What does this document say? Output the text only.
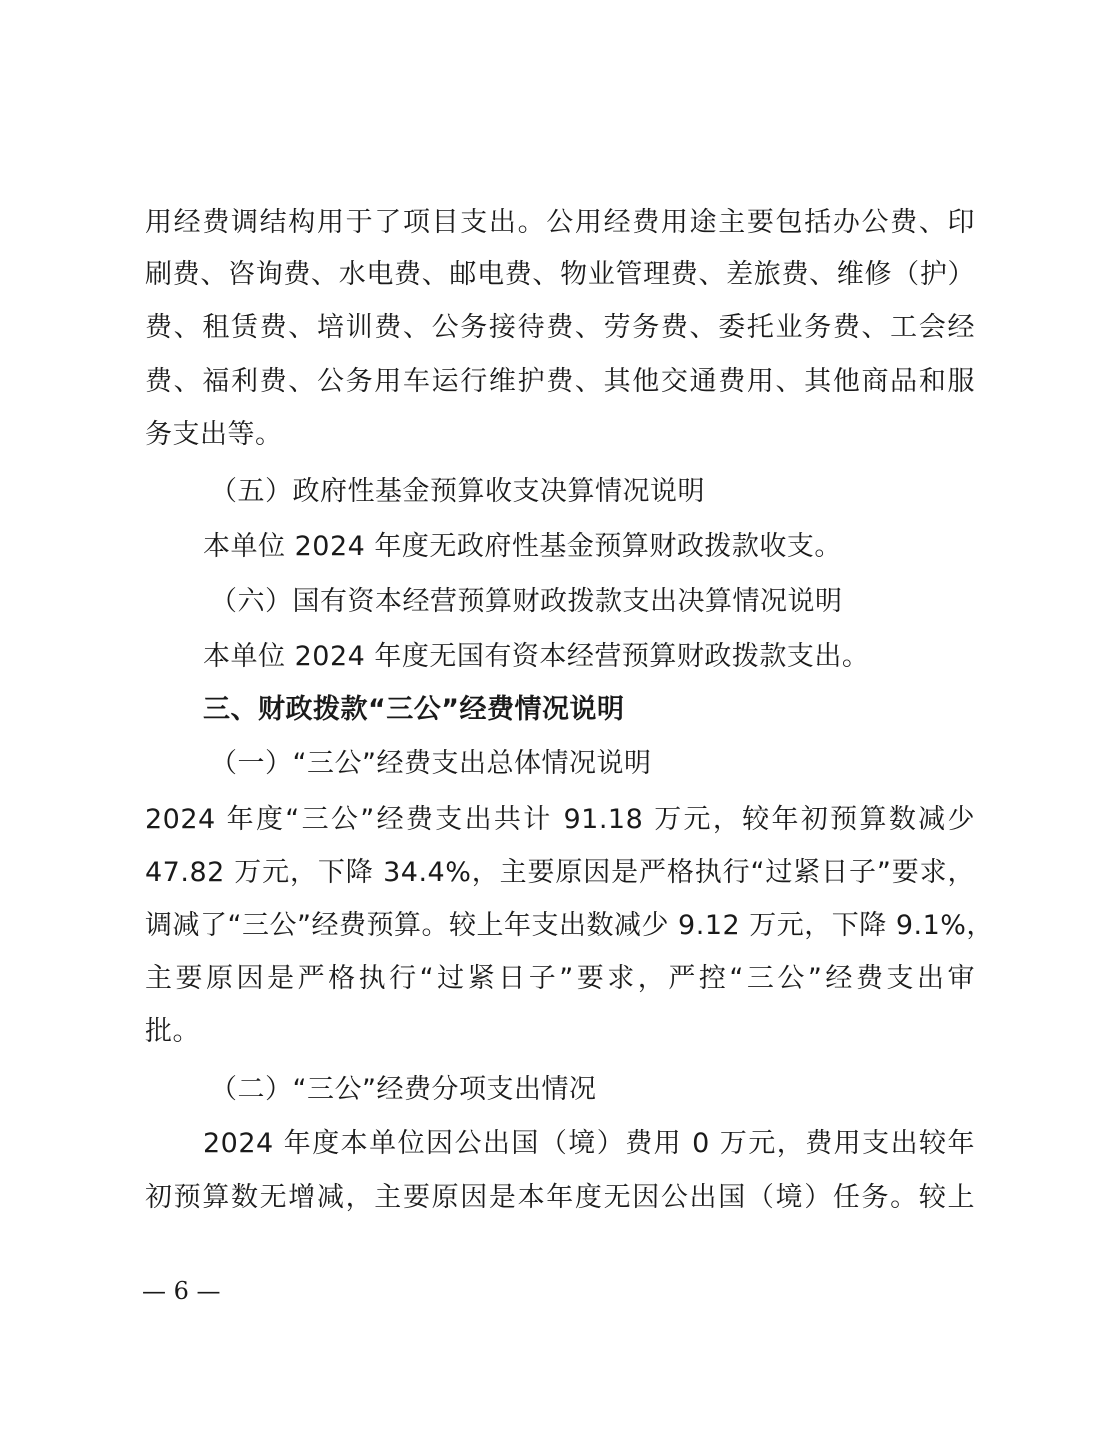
用经费调结构用于了项目支出。公用经费用途主要包括办公费、印
刷费、咨询费、水电费、邮电费、物业管理费、差旅费、维修（护）
费、租赁费、培训费、公务接待费、劳务费、委托业务费、工会经
费、福利费、公务用车运行维护费、其他交通费用、其他商品和服
务支出等。
（五）政府性基金预算收支决算情况说明
本单位 2024 年度无政府性基金预算财政拨款收支。
（六）国有资本经营预算财政拨款支出决算情况说明
本单位 2024 年度无国有资本经营预算财政拨款支出。
三、财政拨款“三公”经费情况说明
（一）“三公”经费支出总体情况说明
2024 年度“三公”经费支出共计 91.18 万元，较年初预算数减少
47.82 万元，下降 34.4%，主要原因是严格执行“过紧日子”要求，
调减了“三公”经费预算。较上年支出数减少 9.12 万元，下降 9.1%，
主要原因是严格执行“过紧日子”要求，严控“三公”经费支出审
批。
（二）“三公”经费分项支出情况
2024 年度本单位因公出国（境）费用 0 万元，费用支出较年
初预算数无增减，主要原因是本年度无因公出国（境）任务。较上
— 6 —
